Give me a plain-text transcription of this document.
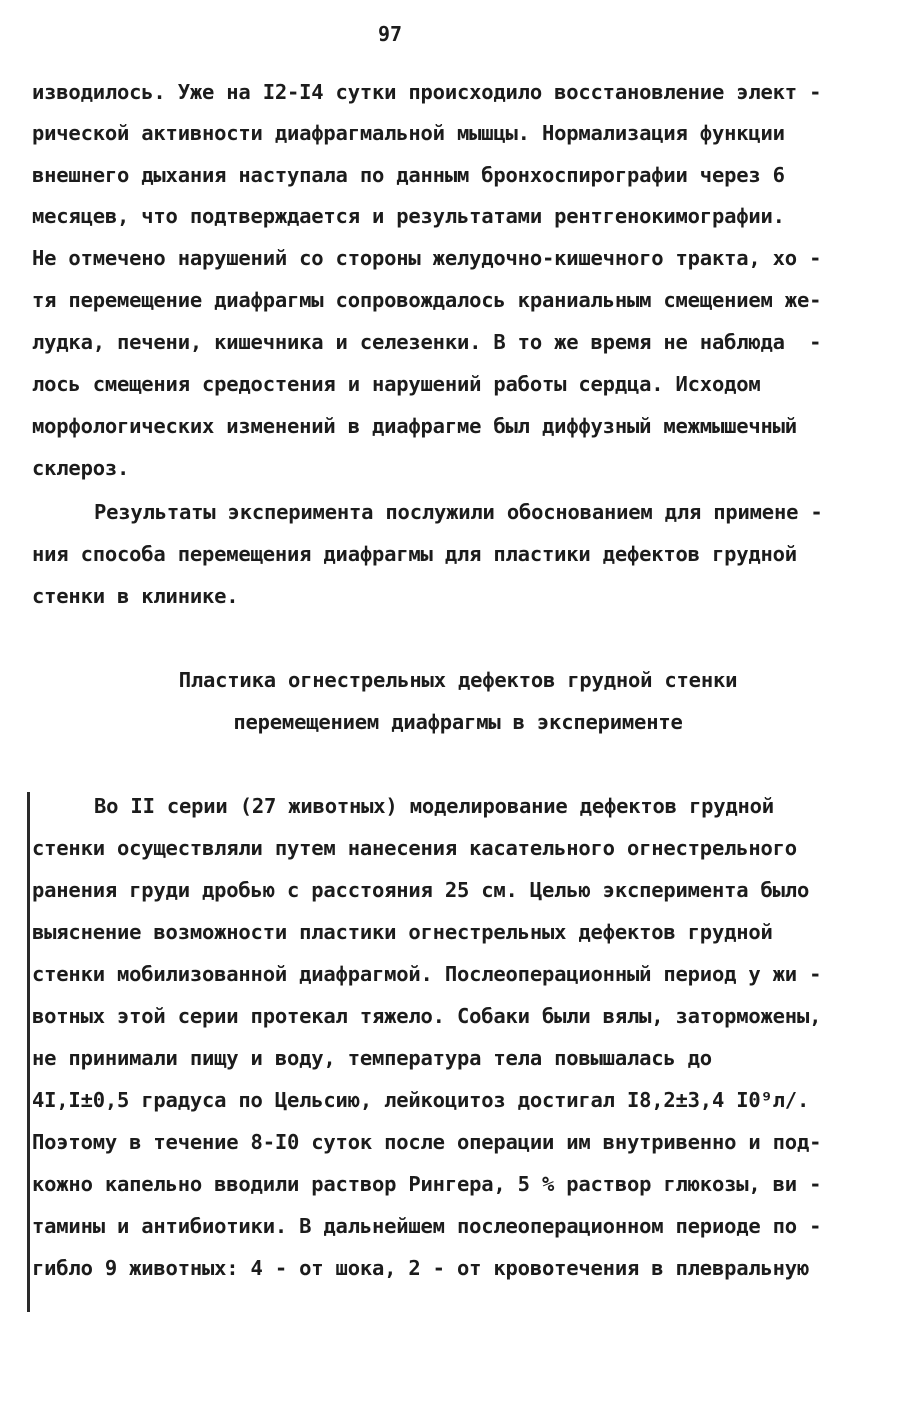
97
изводилось. Уже на I2-I4 сутки происходило восстановление элект -
рической активности диафрагмальной мышцы. Нормализация функции
внешнего дыхания наступала по данным бронхоспирографии через 6
месяцев, что подтверждается и результатами рентгенокимографии.
Не отмечено нарушений со стороны желудочно-кишечного тракта, хо -
тя перемещение диафрагмы сопровождалось краниальным смещением же-
лудка, печени, кишечника и селезенки. В то же время не наблюда  -
лось смещения средостения и нарушений работы сердца. Исходом
морфологических изменений в диафрагме был диффузный межмышечный
склероз.
Результаты эксперимента послужили обоснованием для примене -
ния способа перемещения диафрагмы для пластики дефектов грудной
стенки в клинике.
Пластика огнестрельных дефектов грудной стенки
перемещением диафрагмы в эксперименте
Во II серии (27 животных) моделирование дефектов грудной
стенки осуществляли путем нанесения касательного огнестрельного
ранения груди дробью с расстояния 25 см. Целью эксперимента было
выяснение возможности пластики огнестрельных дефектов грудной
стенки мобилизованной диафрагмой. Послеоперационный период у жи -
вотных этой серии протекал тяжело. Собаки были вялы, заторможены,
не принимали пищу и воду, температура тела повышалась до
4I,I±0,5 градуса по Цельсию, лейкоцитоз достигал I8,2±3,4 I0⁹л/.
Поэтому в течение 8-I0 суток после операции им внутривенно и под-
кожно капельно вводили раствор Рингера, 5 % раствор глюкозы, ви -
тамины и антибиотики. В дальнейшем послеоперационном периоде по -
гибло 9 животных: 4 - от шока, 2 - от кровотечения в плевральную
